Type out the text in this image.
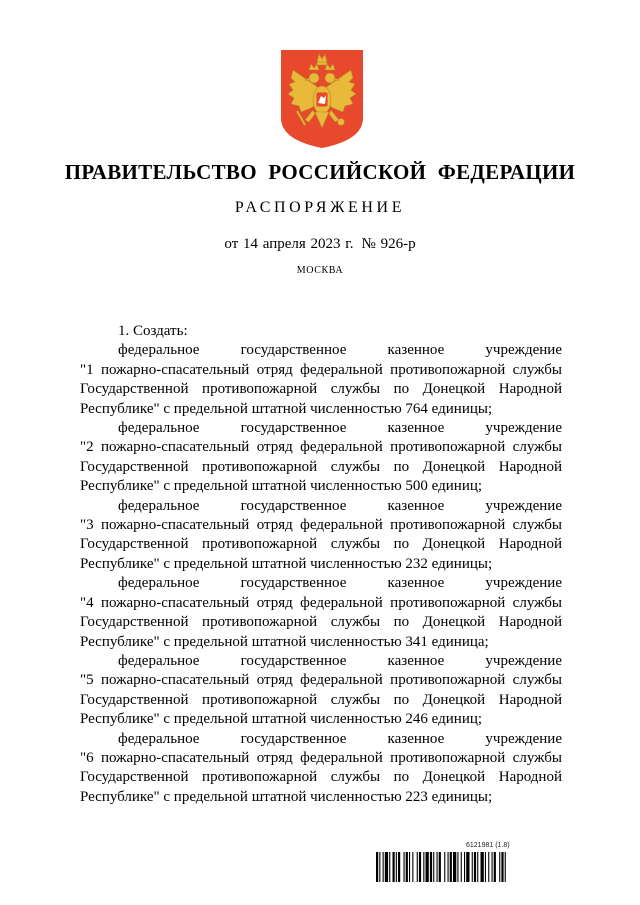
ПРАВИТЕЛЬСТВО РОССИЙСКОЙ ФЕДЕРАЦИИ
РАСПОРЯЖЕНИЕ
от 14 апреля 2023 г. № 926-р
МОСКВА

1. Создать:

федеральное государственное казенное учреждение
"1 пожарно-спасательный отряд федеральной противопожарной службы Государственной противопожарной службы по Донецкой Народной Республике" с предельной штатной численностью 764 единицы;

федеральное государственное казенное учреждение
"2 пожарно-спасательный отряд федеральной противопожарной службы Государственной противопожарной службы по Донецкой Народной Республике" с предельной штатной численностью 500 единиц;

федеральное государственное казенное учреждение
"3 пожарно-спасательный отряд федеральной противопожарной службы Государственной противопожарной службы по Донецкой Народной Республике" с предельной штатной численностью 232 единицы;

федеральное государственное казенное учреждение
"4 пожарно-спасательный отряд федеральной противопожарной службы Государственной противопожарной службы по Донецкой Народной Республике" с предельной штатной численностью 341 единица;

федеральное государственное казенное учреждение
"5 пожарно-спасательный отряд федеральной противопожарной службы Государственной противопожарной службы по Донецкой Народной Республике" с предельной штатной численностью 246 единиц;

федеральное государственное казенное учреждение
"6 пожарно-спасательный отряд федеральной противопожарной службы Государственной противопожарной службы по Донецкой Народной Республике" с предельной штатной численностью 223 единицы;

6121981 (1.8)
